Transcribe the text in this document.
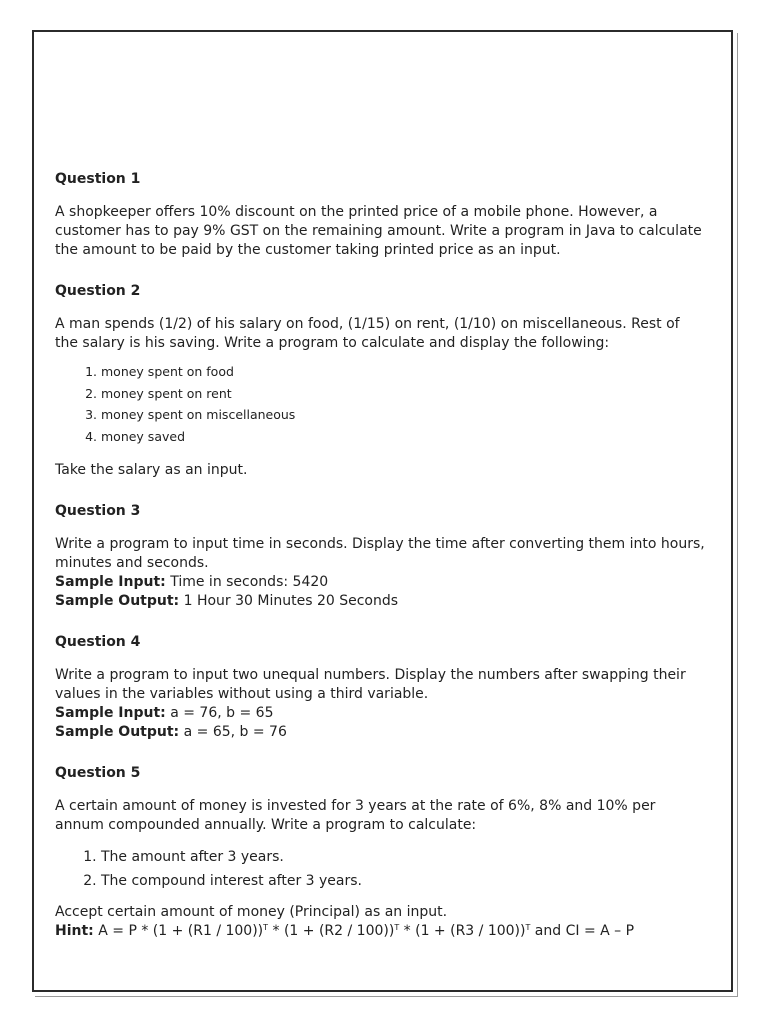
Question 1

A shopkeeper offers 10% discount on the printed price of a mobile phone. However, a customer has to pay 9% GST on the remaining amount. Write a program in Java to calculate the amount to be paid by the customer taking printed price as an input.

Question 2

A man spends (1/2) of his salary on food, (1/15) on rent, (1/10) on miscellaneous. Rest of the salary is his saving. Write a program to calculate and display the following:

1. money spent on food
2. money spent on rent
3. money spent on miscellaneous
4. money saved

Take the salary as an input.

Question 3

Write a program to input time in seconds. Display the time after converting them into hours, minutes and seconds.

Sample Input: Time in seconds: 5420

Sample Output: 1 Hour 30 Minutes 20 Seconds

Question 4

Write a program to input two unequal numbers. Display the numbers after swapping their values in the variables without using a third variable.

Sample Input: a = 76, b = 65

Sample Output: a = 65, b = 76

Question 5

A certain amount of money is invested for 3 years at the rate of 6%, 8% and 10% per annum compounded annually. Write a program to calculate:

1. The amount after 3 years.
2. The compound interest after 3 years.

Accept certain amount of money (Principal) as an input.

Hint: $A = P * (1 + (R1 / 100))^T * (1 + (R2 / 100))^T * (1 + (R3 / 100))^T$ and CI = A – P
